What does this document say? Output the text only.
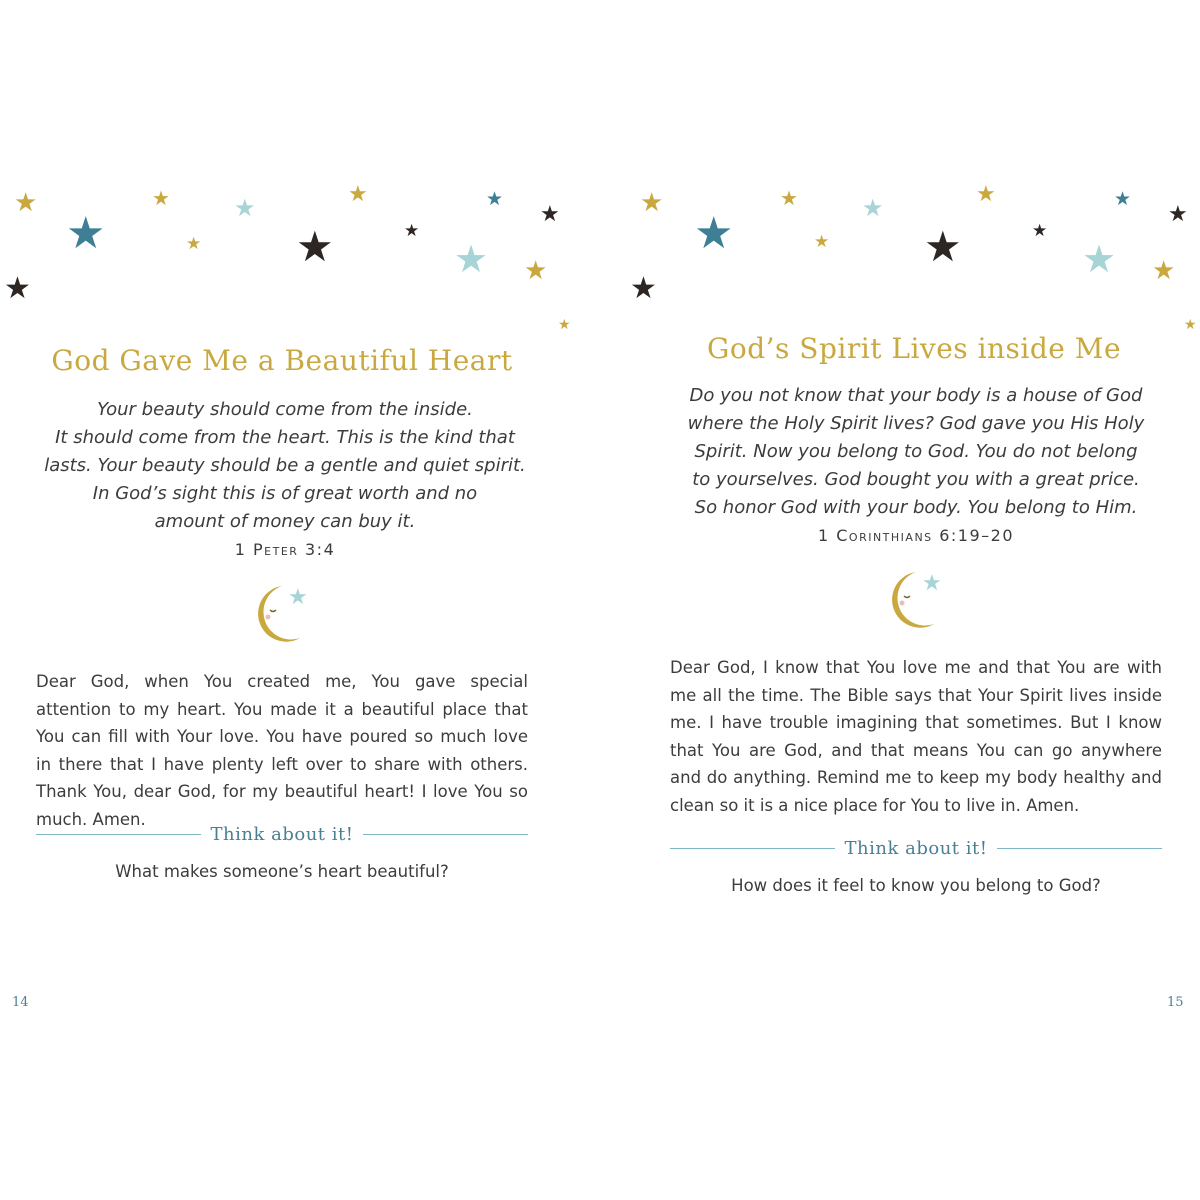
★
★
★
★
★
★
★
★
★
★
★
★
★
★
God Gave Me a Beautiful Heart
Your beauty should come from the inside.
It should come from the heart. This is the kind that
lasts. Your beauty should be a gentle and quiet spirit.
In God’s sight this is of great worth and no
amount of money can buy it.
1 Peter 3:4
★
Dear God, when You created me, You gave special attention to my heart. You made it a beautiful place that You can fill with Your love. You have poured so much love in there that I have plenty left over to share with others. Thank You, dear God, for my beautiful heart! I love You so much. Amen.
Think about it!
What makes someone’s heart beautiful?
14
★
★
★
★
★
★
★
★
★
★
★
★
★
★
God’s Spirit Lives inside Me
Do you not know that your body is a house of God
where the Holy Spirit lives? God gave you His Holy
Spirit. Now you belong to God. You do not belong
to yourselves. God bought you with a great price.
So honor God with your body. You belong to Him.
1 Corinthians 6:19–20
★
Dear God, I know that You love me and that You are with me all the time. The Bible says that Your Spirit lives inside me. I have trouble imagining that sometimes. But I know that You are God, and that means You can go anywhere and do anything. Remind me to keep my body healthy and clean so it is a nice place for You to live in. Amen.
Think about it!
How does it feel to know you belong to God?
15
